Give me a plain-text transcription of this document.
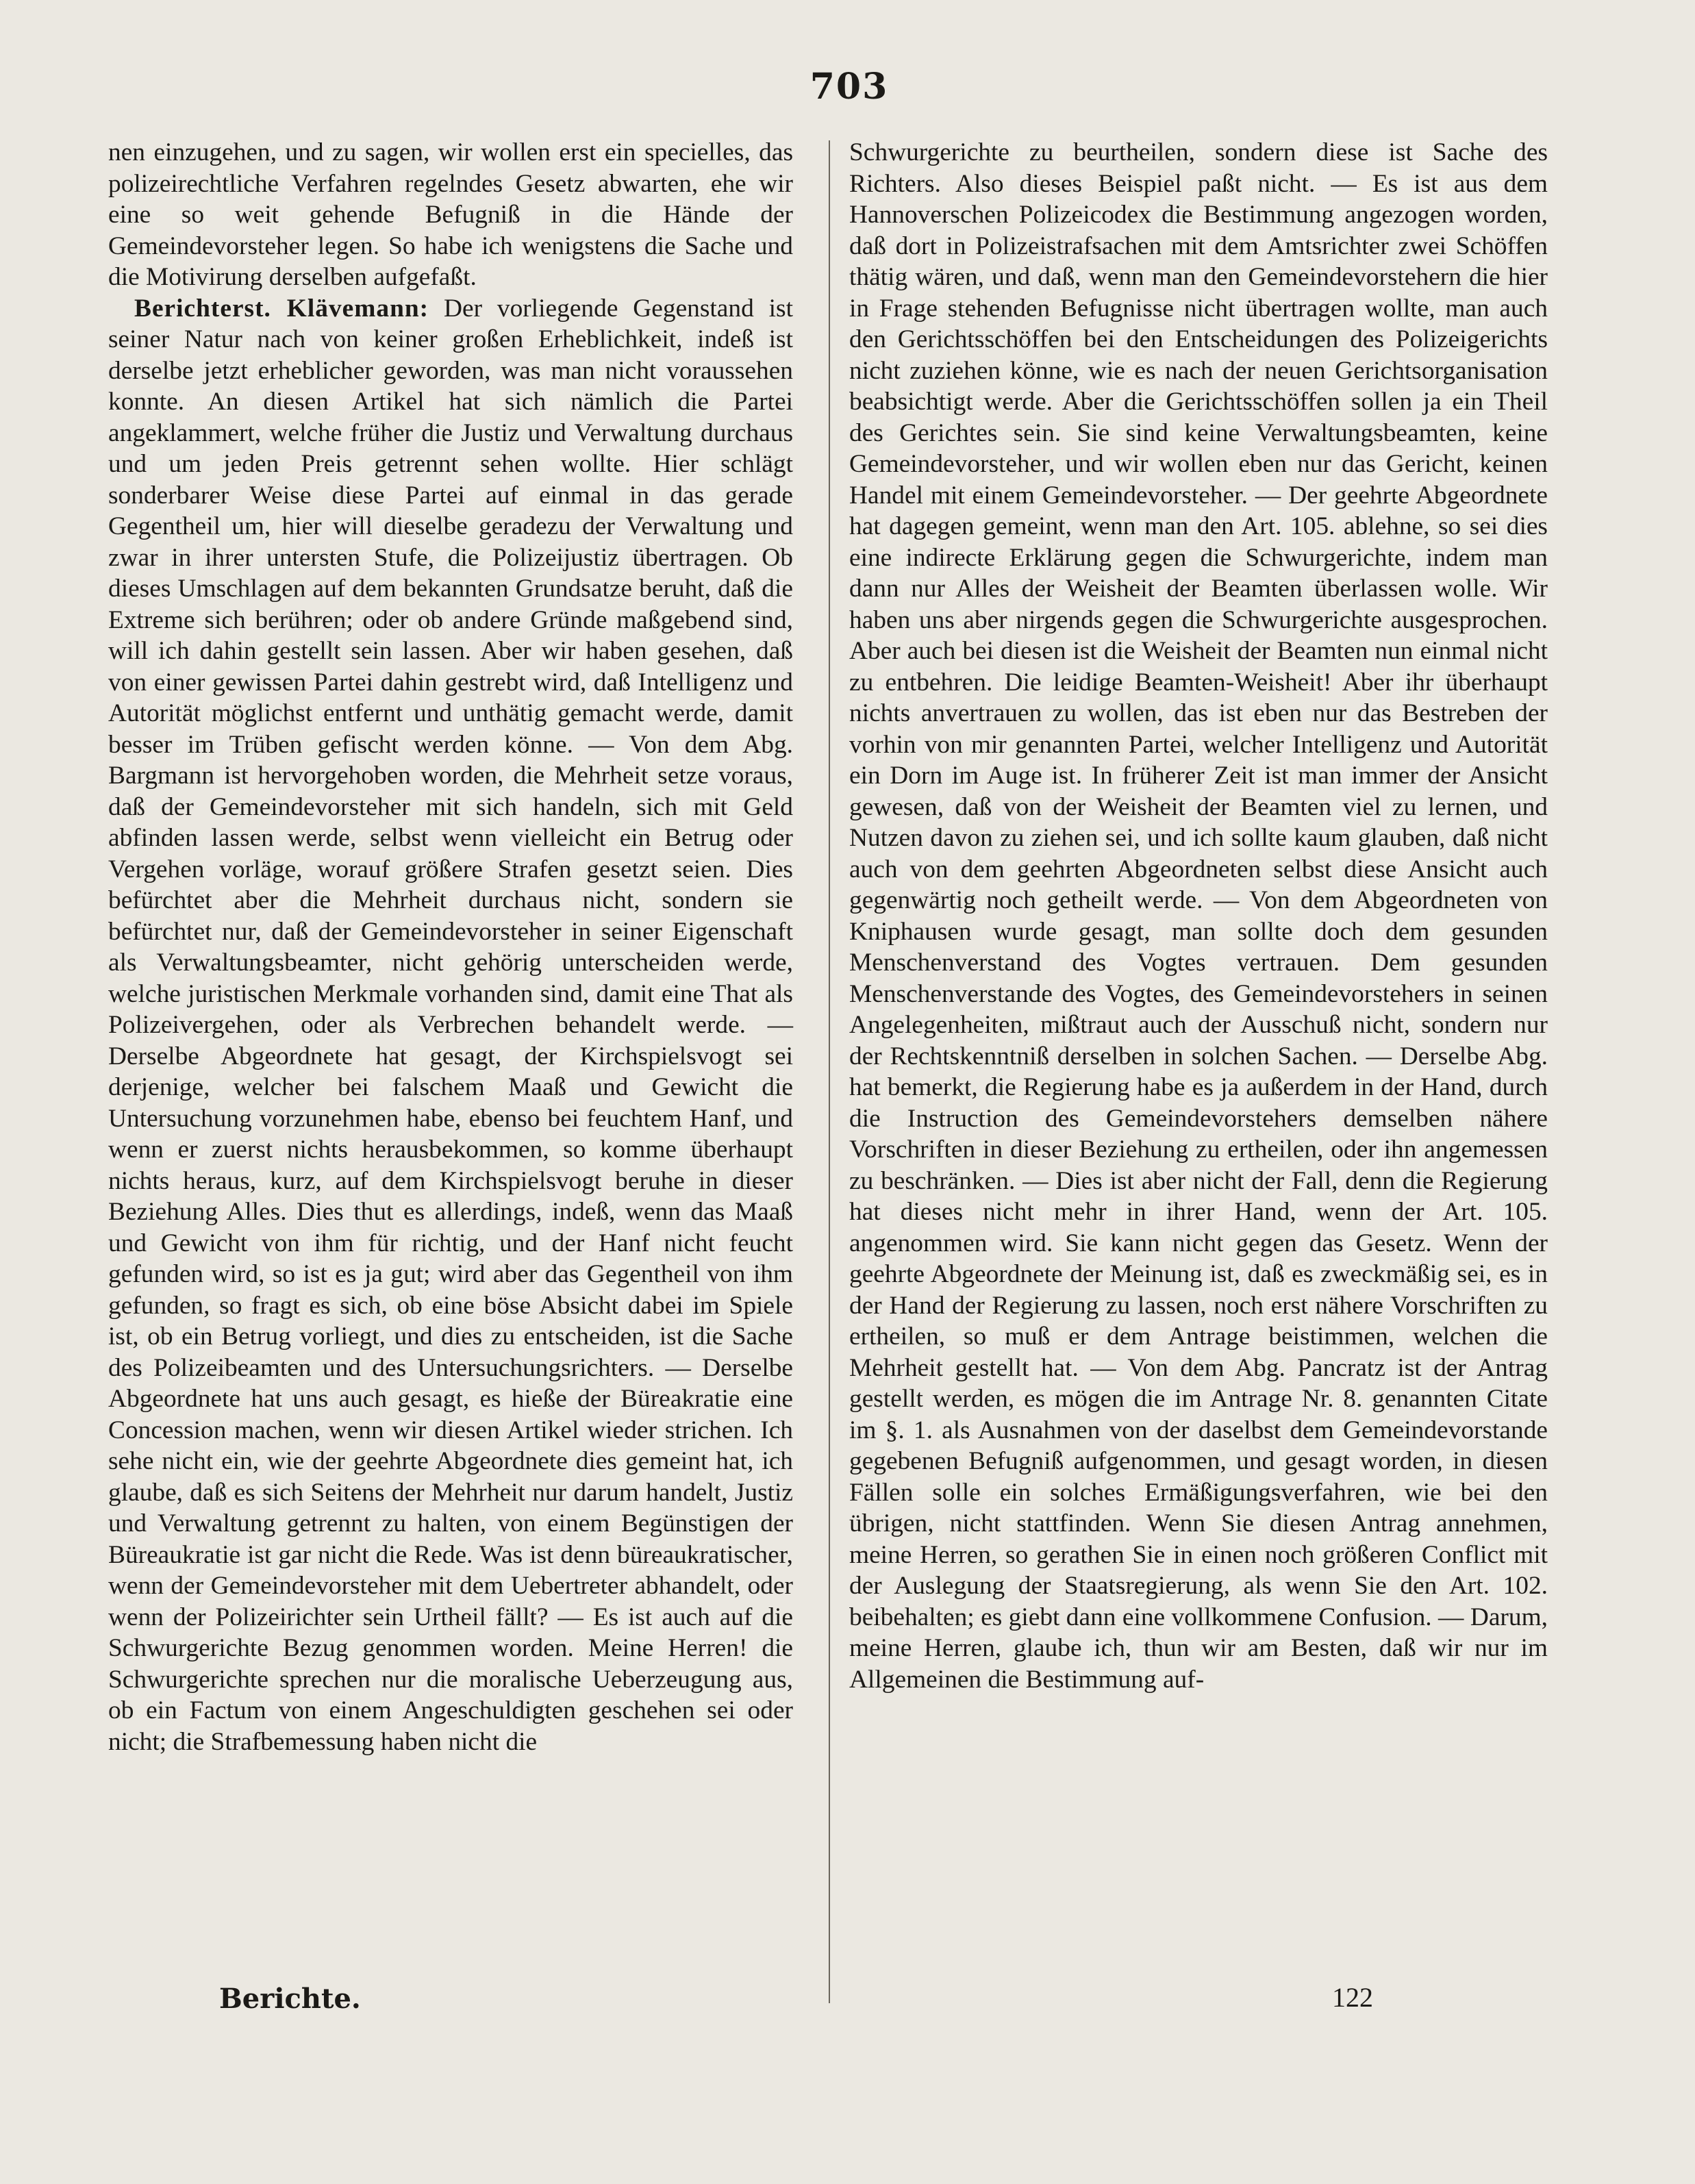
703

nen einzugehen, und zu sagen, wir wollen erst ein specielles, das polizeirechtliche Verfahren regelndes Gesetz abwarten, ehe wir eine so weit gehende Befugniß in die Hände der Gemeindevorsteher legen. So habe ich wenigstens die Sache und die Motivirung derselben aufgefaßt.

Berichterst. Klävemann: Der vorliegende Gegenstand ist seiner Natur nach von keiner großen Erheblichkeit, indeß ist derselbe jetzt erheblicher geworden, was man nicht voraussehen konnte. An diesen Artikel hat sich nämlich die Partei angeklammert, welche früher die Justiz und Verwaltung durchaus und um jeden Preis getrennt sehen wollte. Hier schlägt sonderbarer Weise diese Partei auf einmal in das gerade Gegentheil um, hier will dieselbe geradezu der Verwaltung und zwar in ihrer untersten Stufe, die Polizeijustiz übertragen. Ob dieses Umschlagen auf dem bekannten Grundsatze beruht, daß die Extreme sich berühren; oder ob andere Gründe maßgebend sind, will ich dahin gestellt sein lassen. Aber wir haben gesehen, daß von einer gewissen Partei dahin gestrebt wird, daß Intelligenz und Autorität möglichst entfernt und unthätig gemacht werde, damit besser im Trüben gefischt werden könne. — Von dem Abg. Bargmann ist hervorgehoben worden, die Mehrheit setze voraus, daß der Gemeindevorsteher mit sich handeln, sich mit Geld abfinden lassen werde, selbst wenn vielleicht ein Betrug oder Vergehen vorläge, worauf größere Strafen gesetzt seien. Dies befürchtet aber die Mehrheit durchaus nicht, sondern sie befürchtet nur, daß der Gemeindevorsteher in seiner Eigenschaft als Verwaltungsbeamter, nicht gehörig unterscheiden werde, welche juristischen Merkmale vorhanden sind, damit eine That als Polizeivergehen, oder als Verbrechen behandelt werde. — Derselbe Abgeordnete hat gesagt, der Kirchspielsvogt sei derjenige, welcher bei falschem Maaß und Gewicht die Untersuchung vorzunehmen habe, ebenso bei feuchtem Hanf, und wenn er zuerst nichts herausbekommen, so komme überhaupt nichts heraus, kurz, auf dem Kirchspielsvogt beruhe in dieser Beziehung Alles. Dies thut es allerdings, indeß, wenn das Maaß und Gewicht von ihm für richtig, und der Hanf nicht feucht gefunden wird, so ist es ja gut; wird aber das Gegentheil von ihm gefunden, so fragt es sich, ob eine böse Absicht dabei im Spiele ist, ob ein Betrug vorliegt, und dies zu entscheiden, ist die Sache des Polizeibeamten und des Untersuchungsrichters. — Derselbe Abgeordnete hat uns auch gesagt, es hieße der Büreakratie eine Concession machen, wenn wir diesen Artikel wieder strichen. Ich sehe nicht ein, wie der geehrte Abgeordnete dies gemeint hat, ich glaube, daß es sich Seitens der Mehrheit nur darum handelt, Justiz und Verwaltung getrennt zu halten, von einem Begünstigen der Büreaukratie ist gar nicht die Rede. Was ist denn büreaukratischer, wenn der Gemeindevorsteher mit dem Uebertreter abhandelt, oder wenn der Polizeirichter sein Urtheil fällt? — Es ist auch auf die Schwurgerichte Bezug genommen worden. Meine Herren! die Schwurgerichte sprechen nur die moralische Ueberzeugung aus, ob ein Factum von einem Angeschuldigten geschehen sei oder nicht; die Strafbemessung haben nicht die

Schwurgerichte zu beurtheilen, sondern diese ist Sache des Richters. Also dieses Beispiel paßt nicht. — Es ist aus dem Hannoverschen Polizeicodex die Bestimmung angezogen worden, daß dort in Polizeistrafsachen mit dem Amtsrichter zwei Schöffen thätig wären, und daß, wenn man den Gemeindevorstehern die hier in Frage stehenden Befugnisse nicht übertragen wollte, man auch den Gerichtsschöffen bei den Entscheidungen des Polizeigerichts nicht zuziehen könne, wie es nach der neuen Gerichtsorganisation beabsichtigt werde. Aber die Gerichtsschöffen sollen ja ein Theil des Gerichtes sein. Sie sind keine Verwaltungsbeamten, keine Gemeindevorsteher, und wir wollen eben nur das Gericht, keinen Handel mit einem Gemeindevorsteher. — Der geehrte Abgeordnete hat dagegen gemeint, wenn man den Art. 105. ablehne, so sei dies eine indirecte Erklärung gegen die Schwurgerichte, indem man dann nur Alles der Weisheit der Beamten überlassen wolle. Wir haben uns aber nirgends gegen die Schwurgerichte ausgesprochen. Aber auch bei diesen ist die Weisheit der Beamten nun einmal nicht zu entbehren. Die leidige Beamten-Weisheit! Aber ihr überhaupt nichts anvertrauen zu wollen, das ist eben nur das Bestreben der vorhin von mir genannten Partei, welcher Intelligenz und Autorität ein Dorn im Auge ist. In früherer Zeit ist man immer der Ansicht gewesen, daß von der Weisheit der Beamten viel zu lernen, und Nutzen davon zu ziehen sei, und ich sollte kaum glauben, daß nicht auch von dem geehrten Abgeordneten selbst diese Ansicht auch gegenwärtig noch getheilt werde. — Von dem Abgeordneten von Kniphausen wurde gesagt, man sollte doch dem gesunden Menschenverstand des Vogtes vertrauen. Dem gesunden Menschenverstande des Vogtes, des Gemeindevorstehers in seinen Angelegenheiten, mißtraut auch der Ausschuß nicht, sondern nur der Rechtskenntniß derselben in solchen Sachen. — Derselbe Abg. hat bemerkt, die Regierung habe es ja außerdem in der Hand, durch die Instruction des Gemeindevorstehers demselben nähere Vorschriften in dieser Beziehung zu ertheilen, oder ihn angemessen zu beschränken. — Dies ist aber nicht der Fall, denn die Regierung hat dieses nicht mehr in ihrer Hand, wenn der Art. 105. angenommen wird. Sie kann nicht gegen das Gesetz. Wenn der geehrte Abgeordnete der Meinung ist, daß es zweckmäßig sei, es in der Hand der Regierung zu lassen, noch erst nähere Vorschriften zu ertheilen, so muß er dem Antrage beistimmen, welchen die Mehrheit gestellt hat. — Von dem Abg. Pancratz ist der Antrag gestellt werden, es mögen die im Antrage Nr. 8. genannten Citate im §. 1. als Ausnahmen von der daselbst dem Gemeindevorstande gegebenen Befugniß aufgenommen, und gesagt worden, in diesen Fällen solle ein solches Ermäßigungsverfahren, wie bei den übrigen, nicht stattfinden. Wenn Sie diesen Antrag annehmen, meine Herren, so gerathen Sie in einen noch größeren Conflict mit der Auslegung der Staatsregierung, als wenn Sie den Art. 102. beibehalten; es giebt dann eine vollkommene Confusion. — Darum, meine Herren, glaube ich, thun wir am Besten, daß wir nur im Allgemeinen die Bestimmung auf-

Berichte.	122
